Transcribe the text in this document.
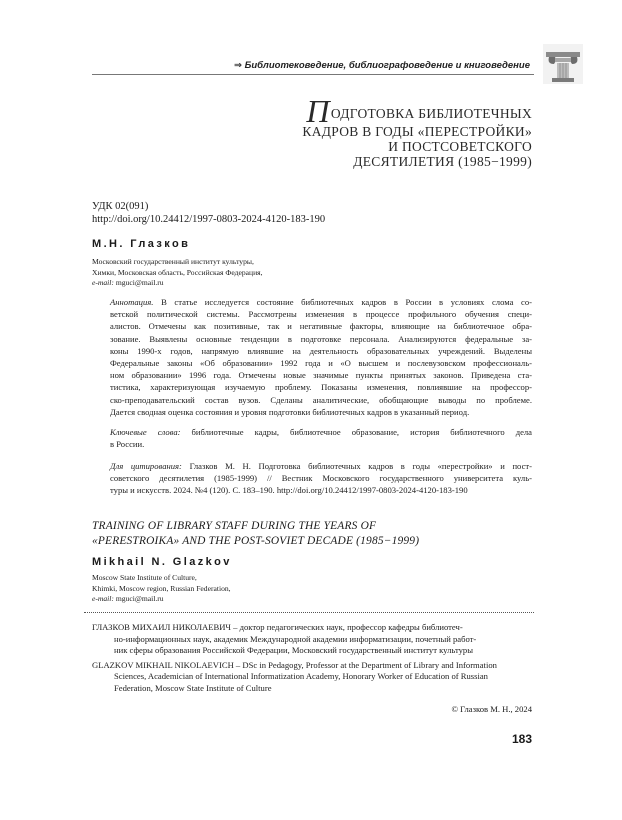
⇒ Библиотековедение, библиографоведение и книговедение
ПОДГОТОВКА БИБЛИОТЕЧНЫХ
КАДРОВ В ГОДЫ «ПЕРЕСТРОЙКИ»
И ПОСТСОВЕТСКОГО
ДЕСЯТИЛЕТИЯ (1985−1999)
УДК 02(091)
http://doi.org/10.24412/1997-0803-2024-4120-183-190
М.Н. Глазков
Московский государственный институт культуры,
Химки, Московская область, Российская Федерация,
e-mail: mguci@mail.ru
Аннотация. В статье исследуется состояние библиотечных кадров в России в условиях слома со-
ветской политической системы. Рассмотрены изменения в процессе профильного обучения специ-
алистов. Отмечены как позитивные, так и негативные факторы, влияющие на библиотечное обра-
зование. Выявлены основные тенденции в подготовке персонала. Анализируются федеральные за-
коны 1990-х годов, напрямую влиявшие на деятельность образовательных учреждений. Выделены
Федеральные законы «Об образовании» 1992 года и «О высшем и послевузовском профессиональ-
ном образовании» 1996 года. Отмечены новые значимые пункты принятых законов. Приведена ста-
тистика, характеризующая изучаемую проблему. Показаны изменения, повлиявшие на профессор-
ско-преподавательский состав вузов. Сделаны аналитические, обобщающие выводы по проблеме.
Дается сводная оценка состояния и уровня подготовки библиотечных кадров в указанный период.
Ключевые слова: библиотечные кадры, библиотечное образование, история библиотечного дела
в России.
Для цитирования: Глазков М. Н. Подготовка библиотечных кадров в годы «перестройки» и пост-
советского десятилетия (1985-1999) // Вестник Московского государственного университета куль-
туры и искусств. 2024. №4 (120). С. 183–190. http://doi.org/10.24412/1997-0803-2024-4120-183-190
TRAINING OF LIBRARY STAFF DURING THE YEARS OF
«PERESTROIKA» AND THE POST-SOVIET DECADE (1985−1999)
Mikhail N. Glazkov
Moscow State Institute of Culture,
Khimki, Moscow region, Russian Federation,
e-mail: mguci@mail.ru
ГЛАЗКОВ МИХАИЛ НИКОЛАЕВИЧ – доктор педагогических наук, профессор кафедры библиотеч-
но-информационных наук, академик Международной академии информатизации, почетный работ-
ник сферы образования Российской Федерации, Московский государственный институт культуры
GLAZKOV MIKHAIL NIKOLAEVICH – DSc in Pedagogy, Professor at the Department of Library and Information
Sciences, Academician of International Informatization Academy, Honorary Worker of Education of Russian
Federation, Moscow State Institute of Culture
© Глазков М. Н., 2024
183
